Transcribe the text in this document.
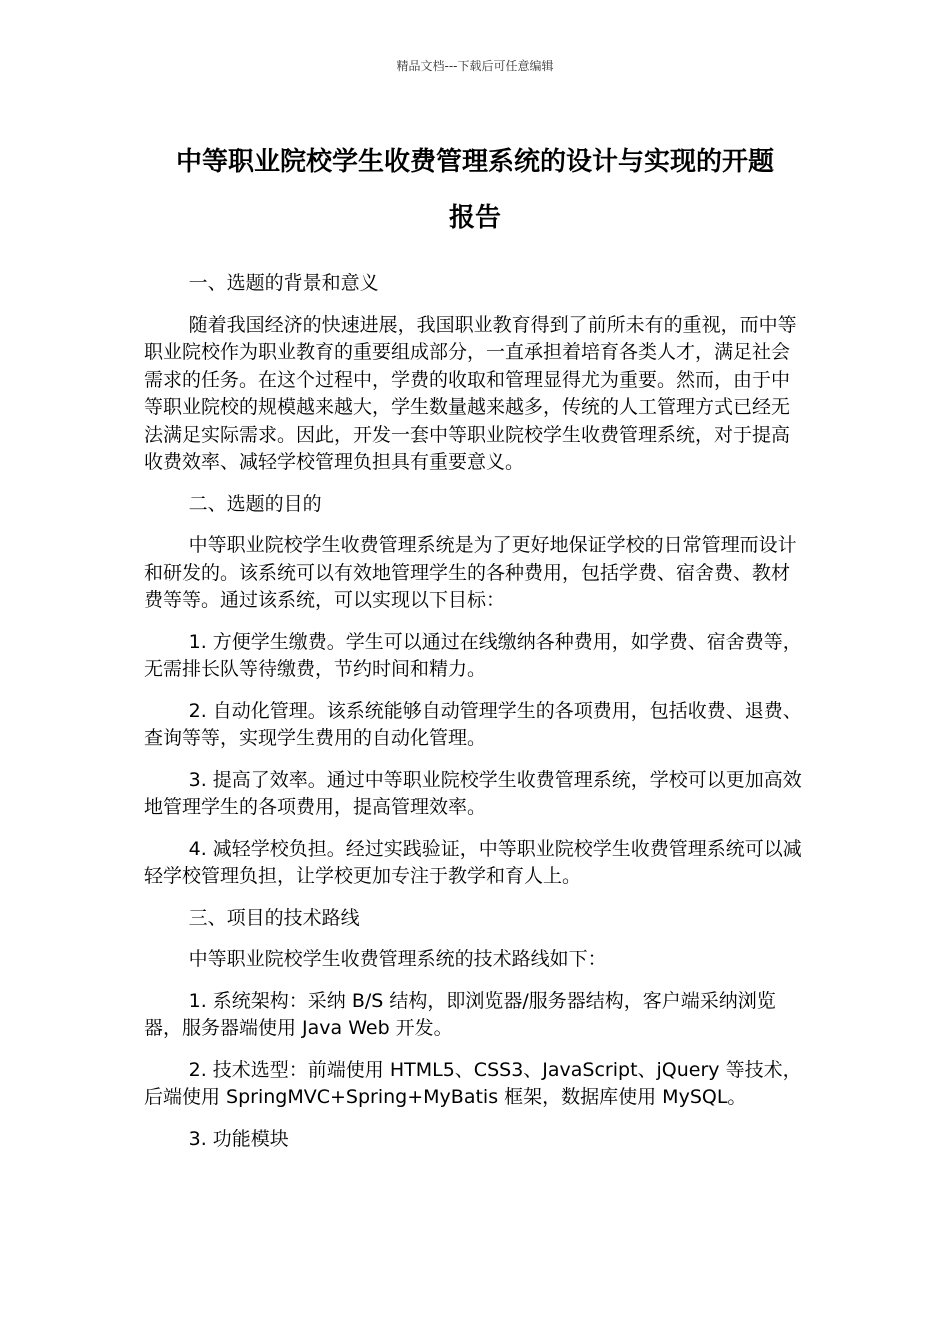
精品文档---下载后可任意编辑
中等职业院校学生收费管理系统的设计与实现的开题
报告

一、选题的背景和意义

随着我国经济的快速进展，我国职业教育得到了前所未有的重视，而中等职业院校作为职业教育的重要组成部分，一直承担着培育各类人才，满足社会需求的任务。在这个过程中，学费的收取和管理显得尤为重要。然而，由于中等职业院校的规模越来越大，学生数量越来越多，传统的人工管理方式已经无法满足实际需求。因此，开发一套中等职业院校学生收费管理系统，对于提高收费效率、减轻学校管理负担具有重要意义。

二、选题的目的

中等职业院校学生收费管理系统是为了更好地保证学校的日常管理而设计和研发的。该系统可以有效地管理学生的各种费用，包括学费、宿舍费、教材费等等。通过该系统，可以实现以下目标：

1. 方便学生缴费。学生可以通过在线缴纳各种费用，如学费、宿舍费等，无需排长队等待缴费，节约时间和精力。

2. 自动化管理。该系统能够自动管理学生的各项费用，包括收费、退费、查询等等，实现学生费用的自动化管理。

3. 提高了效率。通过中等职业院校学生收费管理系统，学校可以更加高效地管理学生的各项费用，提高管理效率。

4. 减轻学校负担。经过实践验证，中等职业院校学生收费管理系统可以减轻学校管理负担，让学校更加专注于教学和育人上。

三、项目的技术路线

中等职业院校学生收费管理系统的技术路线如下：

1. 系统架构：采纳 B/S 结构，即浏览器/服务器结构，客户端采纳浏览器，服务器端使用 Java Web 开发。

2. 技术选型：前端使用 HTML5、CSS3、JavaScript、jQuery 等技术，后端使用 SpringMVC+Spring+MyBatis 框架，数据库使用 MySQL。

3. 功能模块
